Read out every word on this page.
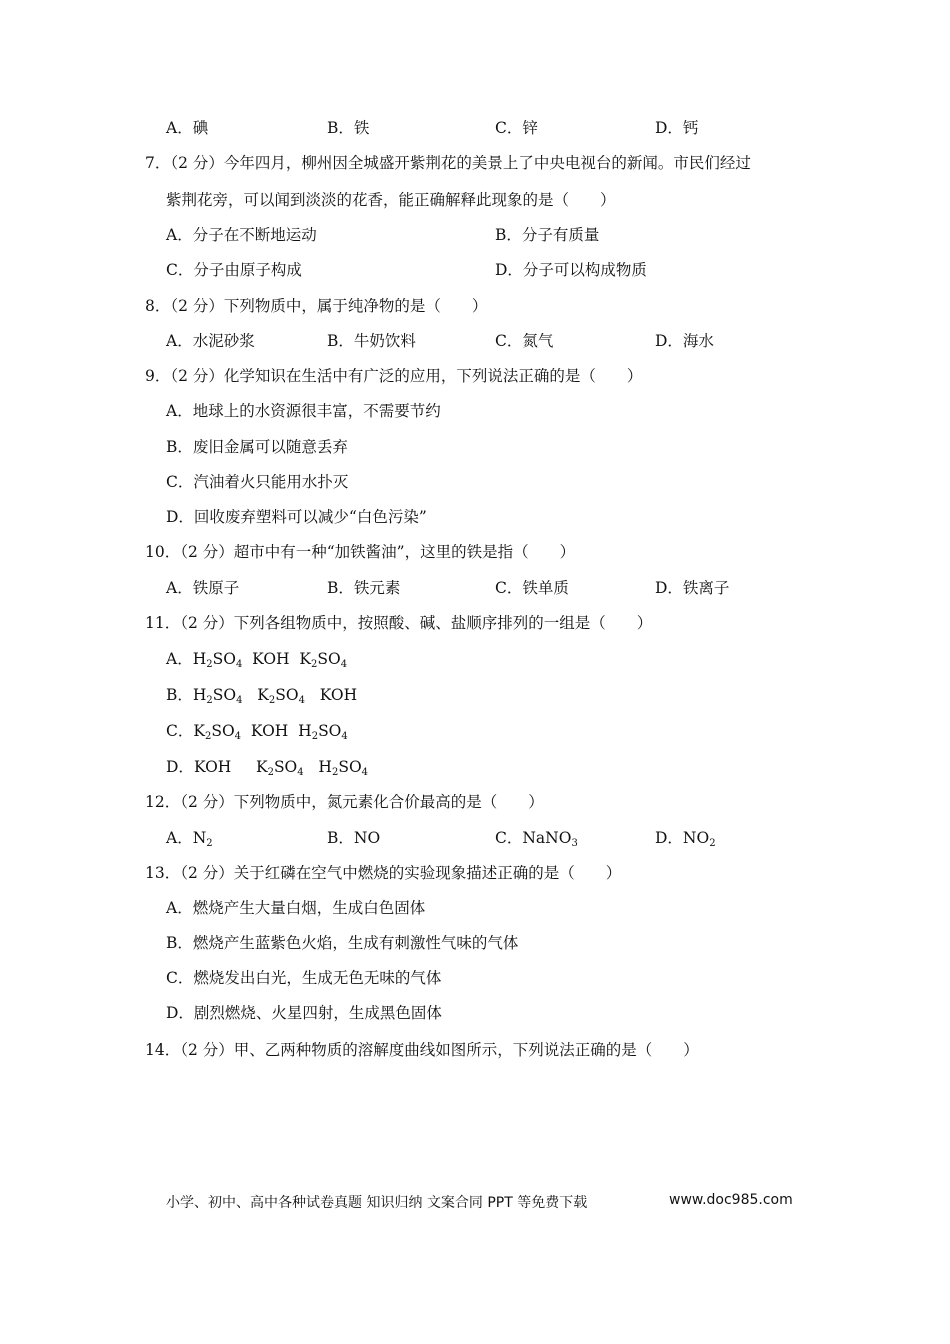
A．碘	B．铁	C．锌	D．钙
7．（2 分）今年四月，柳州因全城盛开紫荆花的美景上了中央电视台的新闻。市民们经过
紫荆花旁，可以闻到淡淡的花香，能正确解释此现象的是（　　）
A．分子在不断地运动	B．分子有质量
C．分子由原子构成	D．分子可以构成物质
8．（2 分）下列物质中，属于纯净物的是（　　）
A．水泥砂浆	B．牛奶饮料	C．氮气	D．海水
9．（2 分）化学知识在生活中有广泛的应用，下列说法正确的是（　　）
A．地球上的水资源很丰富，不需要节约
B．废旧金属可以随意丢弃
C．汽油着火只能用水扑灭
D．回收废弃塑料可以减少“白色污染”
10．（2 分）超市中有一种“加铁酱油”，这里的铁是指（　　）
A．铁原子	B．铁元素	C．铁单质	D．铁离子
11．（2 分）下列各组物质中，按照酸、碱、盐顺序排列的一组是（　　）
A．$H_2SO_4$ KOH $K_2SO_4$
B．$H_2SO_4$ $K_2SO_4$ KOH
C．$K_2SO_4$ KOH $H_2SO_4$
D．KOH $K_2SO_4$ $H_2SO_4$
12．（2 分）下列物质中，氮元素化合价最高的是（　　）
A．$N_2$	B．NO	C．NaNO$_3$	D．$NO_2$
13．（2 分）关于红磷在空气中燃烧的实验现象描述正确的是（　　）
A．燃烧产生大量白烟，生成白色固体
B．燃烧产生蓝紫色火焰，生成有刺激性气味的气体
C．燃烧发出白光，生成无色无味的气体
D．剧烈燃烧、火星四射，生成黑色固体
14．（2 分）甲、乙两种物质的溶解度曲线如图所示，下列说法正确的是（　　）
小学、初中、高中各种试卷真题 知识归纳 文案合同 PPT 等免费下载	www.doc985.com
